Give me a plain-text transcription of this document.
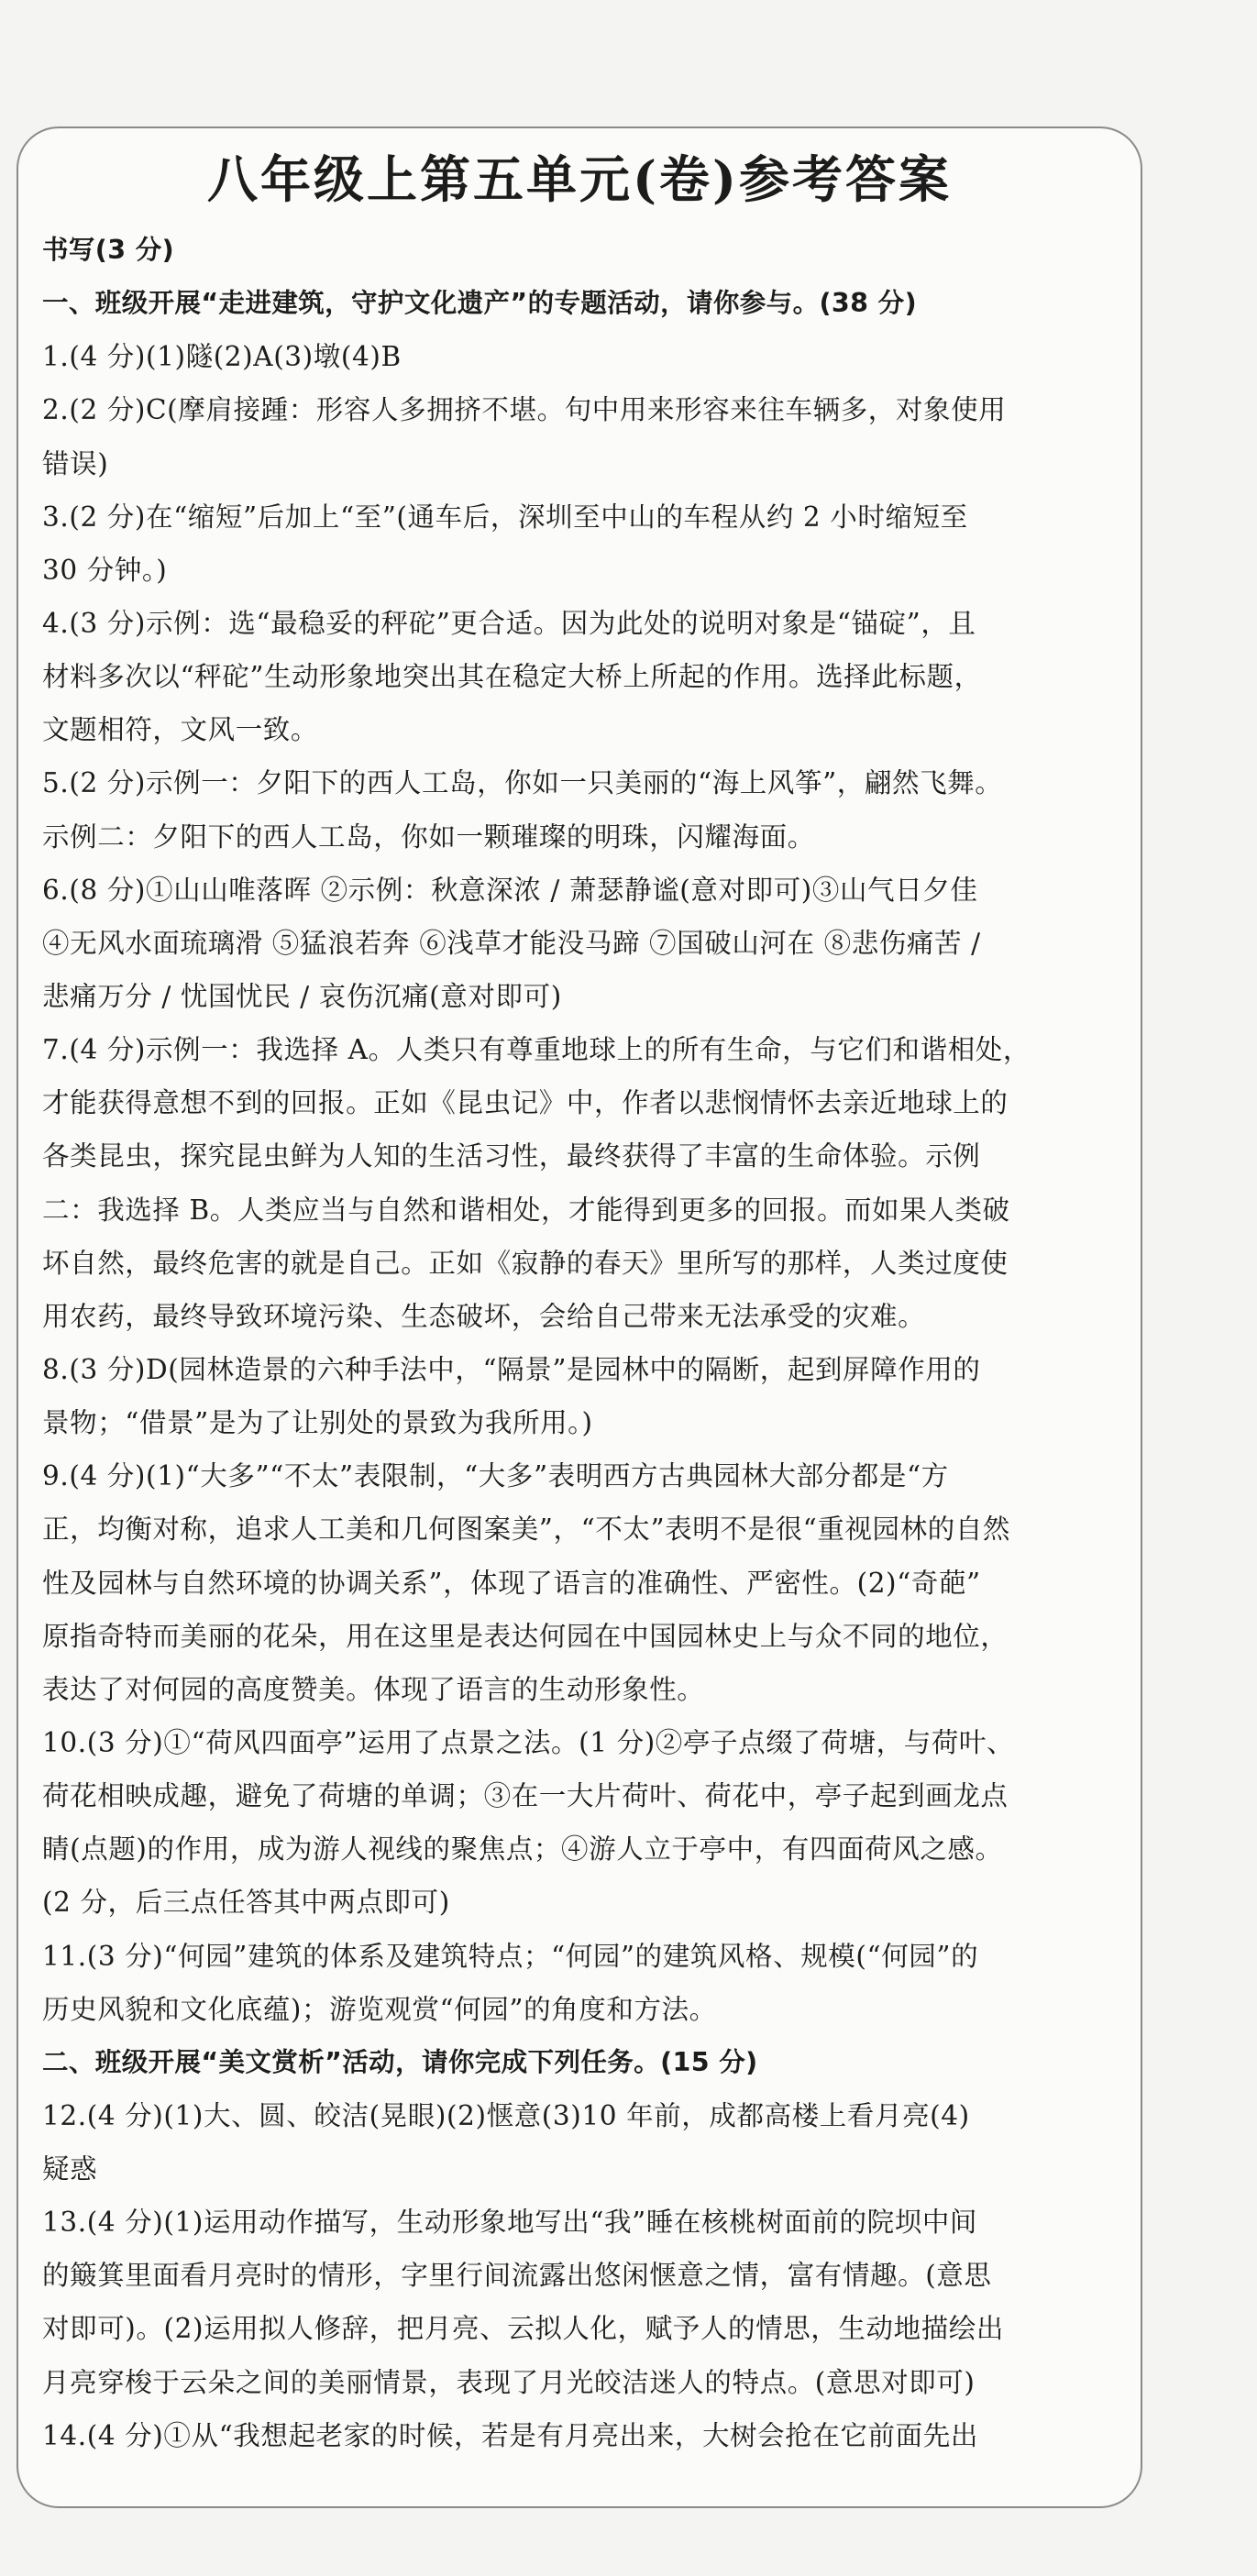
八年级上第五单元(卷)参考答案
书写(3 分)
一、班级开展“走进建筑，守护文化遗产”的专题活动，请你参与。(38 分)
1.(4 分)(1)隧(2)A(3)墩(4)B
2.(2 分)C(摩肩接踵：形容人多拥挤不堪。句中用来形容来往车辆多，对象使用
错误)
3.(2 分)在“缩短”后加上“至”(通车后，深圳至中山的车程从约 2 小时缩短至
30 分钟。)
4.(3 分)示例：选“最稳妥的秤砣”更合适。因为此处的说明对象是“锚碇”，且
材料多次以“秤砣”生动形象地突出其在稳定大桥上所起的作用。选择此标题，
文题相符，文风一致。
5.(2 分)示例一：夕阳下的西人工岛，你如一只美丽的“海上风筝”，翩然飞舞。
示例二：夕阳下的西人工岛，你如一颗璀璨的明珠，闪耀海面。
6.(8 分)①山山唯落晖 ②示例：秋意深浓 / 萧瑟静谧(意对即可)③山气日夕佳
④无风水面琉璃滑 ⑤猛浪若奔 ⑥浅草才能没马蹄 ⑦国破山河在 ⑧悲伤痛苦 /
悲痛万分 / 忧国忧民 / 哀伤沉痛(意对即可)
7.(4 分)示例一：我选择 A。人类只有尊重地球上的所有生命，与它们和谐相处，
才能获得意想不到的回报。正如《昆虫记》中，作者以悲悯情怀去亲近地球上的
各类昆虫，探究昆虫鲜为人知的生活习性，最终获得了丰富的生命体验。示例
二：我选择 B。人类应当与自然和谐相处，才能得到更多的回报。而如果人类破
坏自然，最终危害的就是自己。正如《寂静的春天》里所写的那样，人类过度使
用农药，最终导致环境污染、生态破坏，会给自己带来无法承受的灾难。
8.(3 分)D(园林造景的六种手法中，“隔景”是园林中的隔断，起到屏障作用的
景物；“借景”是为了让别处的景致为我所用。)
9.(4 分)(1)“大多”“不太”表限制，“大多”表明西方古典园林大部分都是“方
正，均衡对称，追求人工美和几何图案美”，“不太”表明不是很“重视园林的自然
性及园林与自然环境的协调关系”，体现了语言的准确性、严密性。(2)“奇葩”
原指奇特而美丽的花朵，用在这里是表达何园在中国园林史上与众不同的地位，
表达了对何园的高度赞美。体现了语言的生动形象性。
10.(3 分)①“荷风四面亭”运用了点景之法。(1 分)②亭子点缀了荷塘，与荷叶、
荷花相映成趣，避免了荷塘的单调；③在一大片荷叶、荷花中，亭子起到画龙点
睛(点题)的作用，成为游人视线的聚焦点；④游人立于亭中，有四面荷风之感。
(2 分，后三点任答其中两点即可)
11.(3 分)“何园”建筑的体系及建筑特点；“何园”的建筑风格、规模(“何园”的
历史风貌和文化底蕴)；游览观赏“何园”的角度和方法。
二、班级开展“美文赏析”活动，请你完成下列任务。(15 分)
12.(4 分)(1)大、圆、皎洁(晃眼)(2)惬意(3)10 年前，成都高楼上看月亮(4)
疑惑
13.(4 分)(1)运用动作描写，生动形象地写出“我”睡在核桃树面前的院坝中间
的簸箕里面看月亮时的情形，字里行间流露出悠闲惬意之情，富有情趣。(意思
对即可)。(2)运用拟人修辞，把月亮、云拟人化，赋予人的情思，生动地描绘出
月亮穿梭于云朵之间的美丽情景，表现了月光皎洁迷人的特点。(意思对即可)
14.(4 分)①从“我想起老家的时候，若是有月亮出来，大树会抢在它前面先出
